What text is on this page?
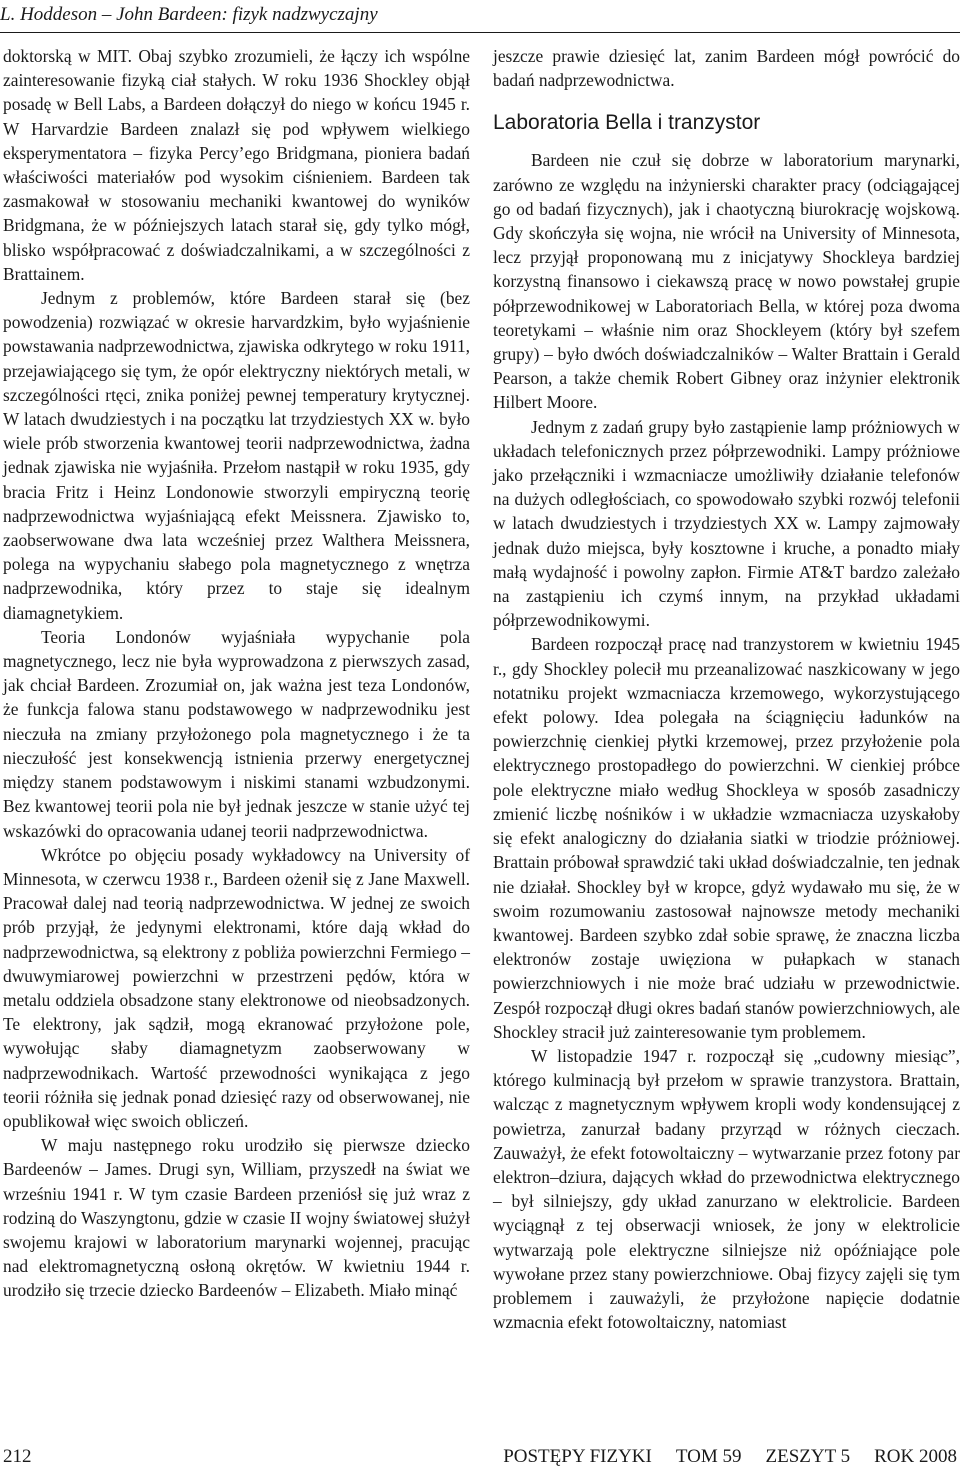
L. Hoddeson – John Bardeen: fizyk nadzwyczajny

doktorską w MIT. Obaj szybko zrozumieli, że łączy ich wspólne zainteresowanie fizyką ciał stałych. W roku 1936 Shockley objął posadę w Bell Labs, a Bardeen dołączył do niego w końcu 1945 r. W Harvardzie Bardeen znalazł się pod wpływem wielkiego eksperymentatora – fizyka Percy’ego Bridgmana, pioniera badań właściwości materiałów pod wysokim ciśnieniem. Bardeen tak zasmakował w stosowaniu mechaniki kwantowej do wyników Bridgmana, że w późniejszych latach starał się, gdy tylko mógł, blisko współpracować z doświadczalnikami, a w szczególności z Brattainem.

Jednym z problemów, które Bardeen starał się (bez powodzenia) rozwiązać w okresie harvardzkim, było wyjaśnienie powstawania nadprzewodnictwa, zjawiska odkrytego w roku 1911, przejawiającego się tym, że opór elektryczny niektórych metali, w szczególności rtęci, znika poniżej pewnej temperatury krytycznej. W latach dwudziestych i na początku lat trzydziestych XX w. było wiele prób stworzenia kwantowej teorii nadprzewodnictwa, żadna jednak zjawiska nie wyjaśniła. Przełom nastąpił w roku 1935, gdy bracia Fritz i Heinz Londonowie stworzyli empiryczną teorię nadprzewodnictwa wyjaśniającą efekt Meissnera. Zjawisko to, zaobserwowane dwa lata wcześniej przez Walthera Meissnera, polega na wypychaniu słabego pola magnetycznego z wnętrza nadprzewodnika, który przez to staje się idealnym diamagnetykiem.

Teoria Londonów wyjaśniała wypychanie pola magnetycznego, lecz nie była wyprowadzona z pierwszych zasad, jak chciał Bardeen. Zrozumiał on, jak ważna jest teza Londonów, że funkcja falowa stanu podstawowego w nadprzewodniku jest nieczuła na zmiany przyłożonego pola magnetycznego i że ta nieczułość jest konsekwencją istnienia przerwy energetycznej między stanem podstawowym i niskimi stanami wzbudzonymi. Bez kwantowej teorii pola nie był jednak jeszcze w stanie użyć tej wskazówki do opracowania udanej teorii nadprzewodnictwa.

Wkrótce po objęciu posady wykładowcy na University of Minnesota, w czerwcu 1938 r., Bardeen ożenił się z Jane Maxwell. Pracował dalej nad teorią nadprzewodnictwa. W jednej ze swoich prób przyjął, że jedynymi elektronami, które dają wkład do nadprzewodnictwa, są elektrony z pobliża powierzchni Fermiego – dwuwymiarowej powierzchni w przestrzeni pędów, która w metalu oddziela obsadzone stany elektronowe od nieobsadzonych. Te elektrony, jak sądził, mogą ekranować przyłożone pole, wywołując słaby diamagnetyzm zaobserwowany w nadprzewodnikach. Wartość przewodności wynikająca z jego teorii różniła się jednak ponad dziesięć razy od obserwowanej, nie opublikował więc swoich obliczeń.

W maju następnego roku urodziło się pierwsze dziecko Bardeenów – James. Drugi syn, William, przyszedł na świat we wrześniu 1941 r. W tym czasie Bardeen przeniósł się już wraz z rodziną do Waszyngtonu, gdzie w czasie II wojny światowej służył swojemu krajowi w laboratorium marynarki wojennej, pracując nad elektromagnetyczną osłoną okrętów. W kwietniu 1944 r. urodziło się trzecie dziecko Bardeenów – Elizabeth. Miało minąć

jeszcze prawie dziesięć lat, zanim Bardeen mógł powrócić do badań nadprzewodnictwa.

Laboratoria Bella i tranzystor

Bardeen nie czuł się dobrze w laboratorium marynarki, zarówno ze względu na inżynierski charakter pracy (odciągającej go od badań fizycznych), jak i chaotyczną biurokrację wojskową. Gdy skończyła się wojna, nie wrócił na University of Minnesota, lecz przyjął proponowaną mu z inicjatywy Shockleya bardziej korzystną finansowo i ciekawszą pracę w nowo powstałej grupie półprzewodnikowej w Laboratoriach Bella, w której poza dwoma teoretykami – właśnie nim oraz Shockleyem (który był szefem grupy) – było dwóch doświadczalników – Walter Brattain i Gerald Pearson, a także chemik Robert Gibney oraz inżynier elektronik Hilbert Moore.

Jednym z zadań grupy było zastąpienie lamp próżniowych w układach telefonicznych przez półprzewodniki. Lampy próżniowe jako przełączniki i wzmacniacze umożliwiły działanie telefonów na dużych odległościach, co spowodowało szybki rozwój telefonii w latach dwudziestych i trzydziestych XX w. Lampy zajmowały jednak dużo miejsca, były kosztowne i kruche, a ponadto miały małą wydajność i powolny zapłon. Firmie AT&T bardzo zależało na zastąpieniu ich czymś innym, na przykład układami półprzewodnikowymi.

Bardeen rozpoczął pracę nad tranzystorem w kwietniu 1945 r., gdy Shockley polecił mu przeanalizować naszkicowany w jego notatniku projekt wzmacniacza krzemowego, wykorzystującego efekt polowy. Idea polegała na ściągnięciu ładunków na powierzchnię cienkiej płytki krzemowej, przez przyłożenie pola elektrycznego prostopadłego do powierzchni. W cienkiej próbce pole elektryczne miało według Shockleya w sposób zasadniczy zmienić liczbę nośników i w układzie wzmacniacza uzyskałoby się efekt analogiczny do działania siatki w triodzie próżniowej. Brattain próbował sprawdzić taki układ doświadczalnie, ten jednak nie działał. Shockley był w kropce, gdyż wydawało mu się, że w swoim rozumowaniu zastosował najnowsze metody mechaniki kwantowej. Bardeen szybko zdał sobie sprawę, że znaczna liczba elektronów zostaje uwięziona w pułapkach w stanach powierzchniowych i nie może brać udziału w przewodnictwie. Zespół rozpoczął długi okres badań stanów powierzchniowych, ale Shockley stracił już zainteresowanie tym problemem.

W listopadzie 1947 r. rozpoczął się „cudowny miesiąc”, którego kulminacją był przełom w sprawie tranzystora. Brattain, walcząc z magnetycznym wpływem kropli wody kondensującej z powietrza, zanurzał badany przyrząd w różnych cieczach. Zauważył, że efekt fotowoltaiczny – wytwarzanie przez fotony par elektron–dziura, dających wkład do przewodnictwa elektrycznego – był silniejszy, gdy układ zanurzano w elektrolicie. Bardeen wyciągnął z tej obserwacji wniosek, że jony w elektrolicie wytwarzają pole elektryczne silniejsze niż opóźniające pole wywołane przez stany powierzchniowe. Obaj fizycy zajęli się tym problemem i zauważyli, że przyłożone napięcie dodatnie wzmacnia efekt fotowoltaiczny, natomiast

212	POSTĘPY FIZYKI TOM 59 ZESZYT 5 ROK 2008
